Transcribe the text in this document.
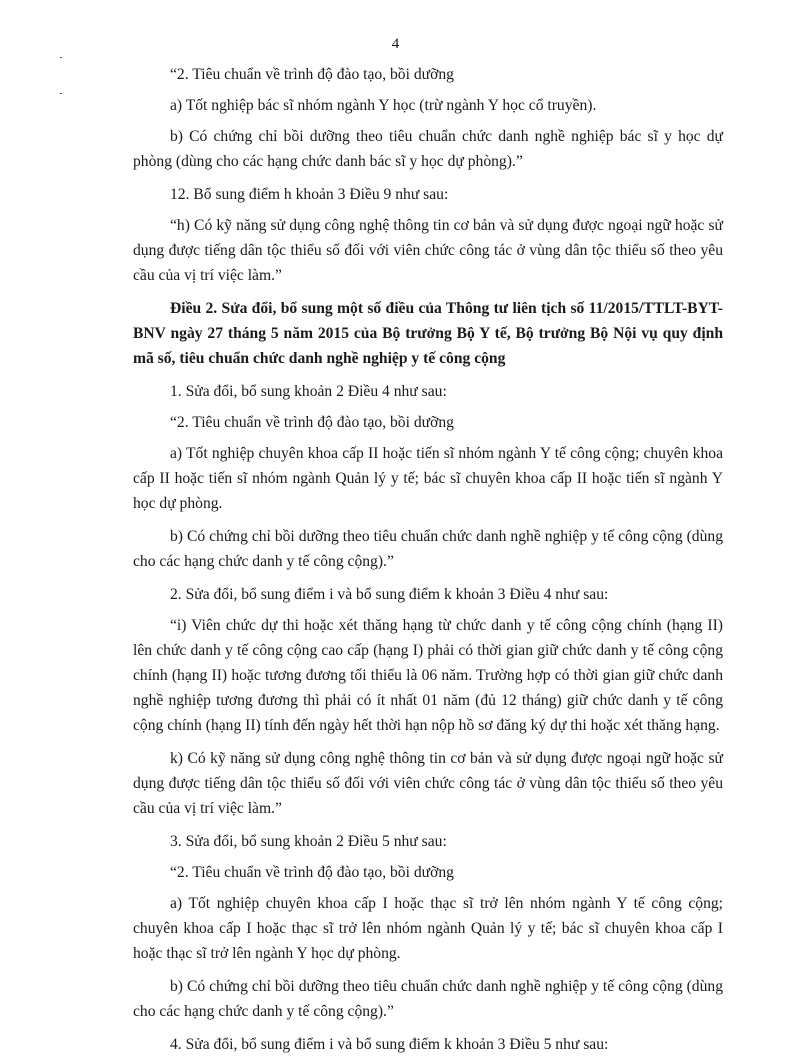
4

“2. Tiêu chuẩn về trình độ đào tạo, bồi dưỡng

a) Tốt nghiệp bác sĩ nhóm ngành Y học (trừ ngành Y học cổ truyền).

b) Có chứng chỉ bồi dưỡng theo tiêu chuẩn chức danh nghề nghiệp bác sĩ y học dự phòng (dùng cho các hạng chức danh bác sĩ y học dự phòng).”

12. Bổ sung điểm h khoản 3 Điều 9 như sau:

“h) Có kỹ năng sử dụng công nghệ thông tin cơ bản và sử dụng được ngoại ngữ hoặc sử dụng được tiếng dân tộc thiểu số đối với viên chức công tác ở vùng dân tộc thiểu số theo yêu cầu của vị trí việc làm.”

Điều 2. Sửa đổi, bổ sung một số điều của Thông tư liên tịch số 11/2015/TTLT-BYT-BNV ngày 27 tháng 5 năm 2015 của Bộ trưởng Bộ Y tế, Bộ trưởng Bộ Nội vụ quy định mã số, tiêu chuẩn chức danh nghề nghiệp y tế công cộng

1. Sửa đổi, bổ sung khoản 2 Điều 4 như sau:

“2. Tiêu chuẩn về trình độ đào tạo, bồi dưỡng

a) Tốt nghiệp chuyên khoa cấp II hoặc tiến sĩ nhóm ngành Y tế công cộng; chuyên khoa cấp II hoặc tiến sĩ nhóm ngành Quản lý y tế; bác sĩ chuyên khoa cấp II hoặc tiến sĩ ngành Y học dự phòng.

b) Có chứng chỉ bồi dưỡng theo tiêu chuẩn chức danh nghề nghiệp y tế công cộng (dùng cho các hạng chức danh y tế công cộng).”

2. Sửa đổi, bổ sung điểm i và bổ sung điểm k khoản 3 Điều 4 như sau:

“i) Viên chức dự thi hoặc xét thăng hạng từ chức danh y tế công cộng chính (hạng II) lên chức danh y tế công cộng cao cấp (hạng I) phải có thời gian giữ chức danh y tế công cộng chính (hạng II) hoặc tương đương tối thiểu là 06 năm. Trường hợp có thời gian giữ chức danh nghề nghiệp tương đương thì phải có ít nhất 01 năm (đủ 12 tháng) giữ chức danh y tế công cộng chính (hạng II) tính đến ngày hết thời hạn nộp hồ sơ đăng ký dự thi hoặc xét thăng hạng.

k) Có kỹ năng sử dụng công nghệ thông tin cơ bản và sử dụng được ngoại ngữ hoặc sử dụng được tiếng dân tộc thiểu số đối với viên chức công tác ở vùng dân tộc thiểu số theo yêu cầu của vị trí việc làm.”

3. Sửa đổi, bổ sung khoản 2 Điều 5 như sau:

“2. Tiêu chuẩn về trình độ đào tạo, bồi dưỡng

a) Tốt nghiệp chuyên khoa cấp I hoặc thạc sĩ trở lên nhóm ngành Y tế công cộng; chuyên khoa cấp I hoặc thạc sĩ trở lên nhóm ngành Quản lý y tế; bác sĩ chuyên khoa cấp I hoặc thạc sĩ trở lên ngành Y học dự phòng.

b) Có chứng chỉ bồi dưỡng theo tiêu chuẩn chức danh nghề nghiệp y tế công cộng (dùng cho các hạng chức danh y tế công cộng).”

4. Sửa đổi, bổ sung điểm i và bổ sung điểm k khoản 3 Điều 5 như sau:
